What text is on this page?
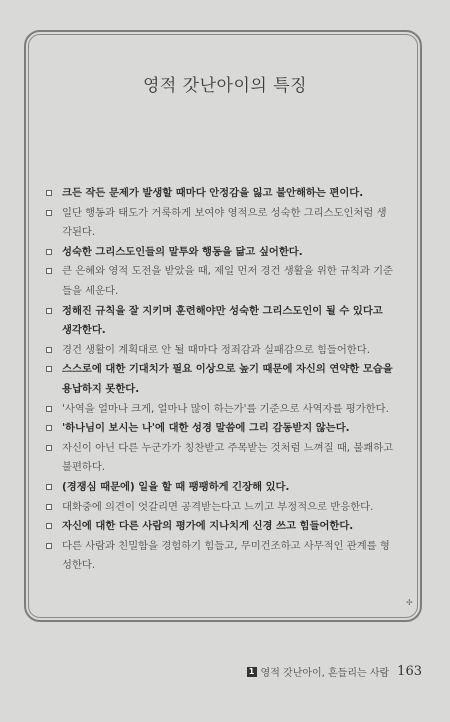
영적 갓난아이의 특징
크든 작든 문제가 발생할 때마다 안정감을 잃고 불안해하는 편이다.
일단 행동과 태도가 거룩하게 보여야 영적으로 성숙한 그리스도인처럼 생각된다.
성숙한 그리스도인들의 말투와 행동을 닮고 싶어한다.
큰 은혜와 영적 도전을 받았을 때, 제일 먼저 경건 생활을 위한 규칙과 기준들을 세운다.
정해진 규칙을 잘 지키며 훈련해야만 성숙한 그리스도인이 될 수 있다고 생각한다.
경건 생활이 계획대로 안 될 때마다 정죄감과 실패감으로 힘들어한다.
스스로에 대한 기대치가 필요 이상으로 높기 때문에 자신의 연약한 모습을 용납하지 못한다.
'사역을 얼마나 크게, 얼마나 많이 하는가'를 기준으로 사역자를 평가한다.
'하나님이 보시는 나'에 대한 성경 말씀에 그리 감동받지 않는다.
자신이 아닌 다른 누군가가 칭찬받고 주목받는 것처럼 느껴질 때, 불쾌하고 불편하다.
(경쟁심 때문에) 일을 할 때 팽팽하게 긴장해 있다.
대화중에 의견이 엇갈리면 공격받는다고 느끼고 부정적으로 반응한다.
자신에 대한 다른 사람의 평가에 지나치게 신경 쓰고 힘들어한다.
다른 사람과 친밀함을 경험하기 힘들고, 무미건조하고 사무적인 관계를 형성한다.
✢
1 영적 갓난아이, 흔들리는 사람 163
